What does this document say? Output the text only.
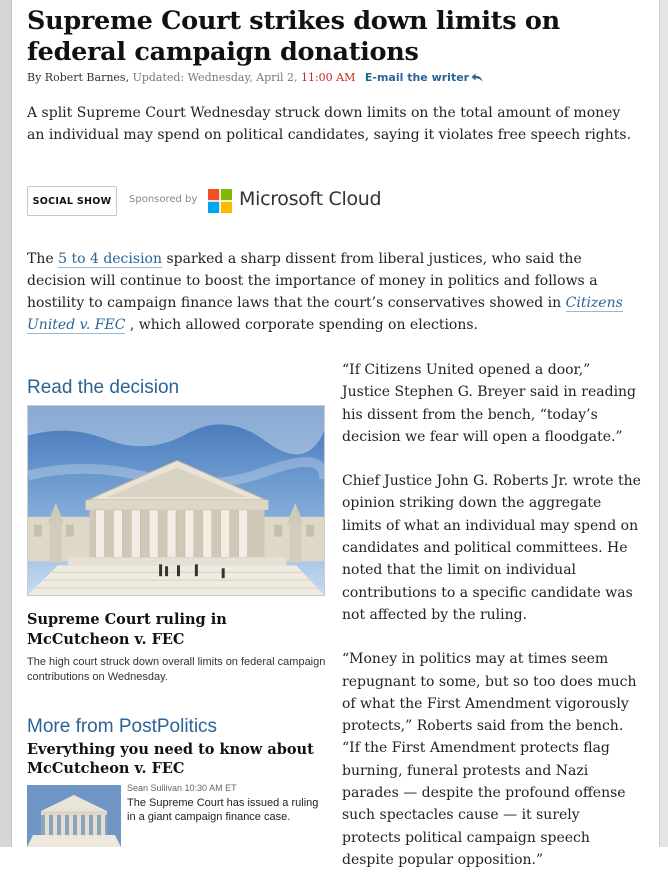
Supreme Court strikes down limits on federal campaign donations
By Robert Barnes, Updated: Wednesday, April 2, 11:00 AM E-mail the writer

A split Supreme Court Wednesday struck down limits on the total amount of money an individual may spend on political candidates, saying it violates free speech rights.

SOCIAL SHOW	Sponsored by Microsoft Cloud

The 5 to 4 decision sparked a sharp dissent from liberal justices, who said the decision will continue to boost the importance of money in politics and follows a hostility to campaign finance laws that the court’s conservatives showed in Citizens United v. FEC , which allowed corporate spending on elections.

Read the decision
Supreme Court ruling in McCutcheon v. FEC

The high court struck down overall limits on federal campaign contributions on Wednesday.

More from PostPolitics
Everything you need to know about McCutcheon v. FEC
Sean Sullivan 10:30 AM ET

The Supreme Court has issued a ruling in a giant campaign finance case.

“If Citizens United opened a door,” Justice Stephen G. Breyer said in reading his dissent from the bench, “today’s decision we fear will open a floodgate.”

Chief Justice John G. Roberts Jr. wrote the opinion striking down the aggregate limits of what an individual may spend on candidates and political committees. He noted that the limit on individual contributions to a specific candidate was not affected by the ruling.

“Money in politics may at times seem repugnant to some, but so too does much of what the First Amendment vigorously protects,” Roberts said from the bench. “If the First Amendment protects flag burning, funeral protests and Nazi parades — despite the profound offense such spectacles cause — it surely protects political campaign speech despite popular opposition.”
